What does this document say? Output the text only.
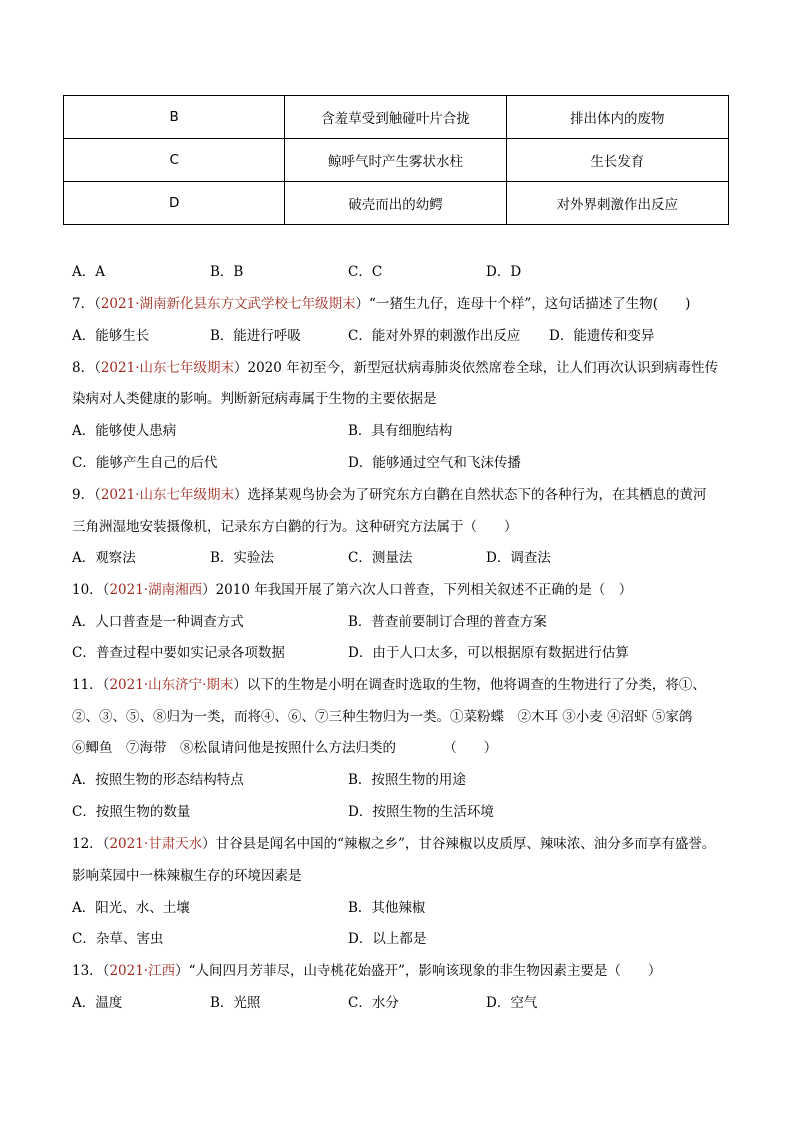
B	含羞草受到触碰叶片合拢	排出体内的废物
C	鲸呼气时产生雾状水柱	生长发育
D	破壳而出的幼鳄	对外界刺激作出反应
A．A	B．B	C．C	D．D
7．（2021·湖南新化县东方文武学校七年级期末）“一猪生九仔，连母十个样”，这句话描述了生物(　　)
A．能够生长	B．能进行呼吸	C．能对外界的刺激作出反应 D．能遗传和变异
8．（2021·山东七年级期末）2020 年初至今，新型冠状病毒肺炎依然席卷全球，让人们再次认识到病毒性传
染病对人类健康的影响。判断新冠病毒属于生物的主要依据是
A．能够使人患病	B．具有细胞结构
C．能够产生自己的后代	D．能够通过空气和飞沫传播
9．（2021·山东七年级期末）选择某观鸟协会为了研究东方白鹳在自然状态下的各种行为，在其栖息的黄河
三角洲湿地安装摄像机，记录东方白鹳的行为。这种研究方法属于（　　）
A．观察法	B．实验法	C．测量法	D．调查法
10．（2021·湖南湘西）2010 年我国开展了第六次人口普查，下列相关叙述不正确的是（　）
A．人口普查是一种调查方式	B．普查前要制订合理的普查方案
C．普查过程中要如实记录各项数据	D．由于人口太多，可以根据原有数据进行估算
11．（2021·山东济宁·期末）以下的生物是小明在调查时选取的生物，他将调查的生物进行了分类，将①、
②、③、⑤、⑧归为一类，而将④、⑥、⑦三种生物归为一类。①菜粉蝶　②木耳 ③小麦 ④沼虾 ⑤家鸽
⑥鲫鱼　⑦海带　⑧松鼠请问他是按照什么方法归类的　　　　（　　）
A．按照生物的形态结构特点	B．按照生物的用途
C．按照生物的数量	D．按照生物的生活环境
12．（2021·甘肃天水）甘谷县是闻名中国的“辣椒之乡”，甘谷辣椒以皮质厚、辣味浓、油分多而享有盛誉。
影响菜园中一株辣椒生存的环境因素是
A．阳光、水、土壤	B．其他辣椒
C．杂草、害虫	D．以上都是
13．（2021·江西）“人间四月芳菲尽，山寺桃花始盛开”，影响该现象的非生物因素主要是（　　）
A．温度	B．光照	C．水分	D．空气
